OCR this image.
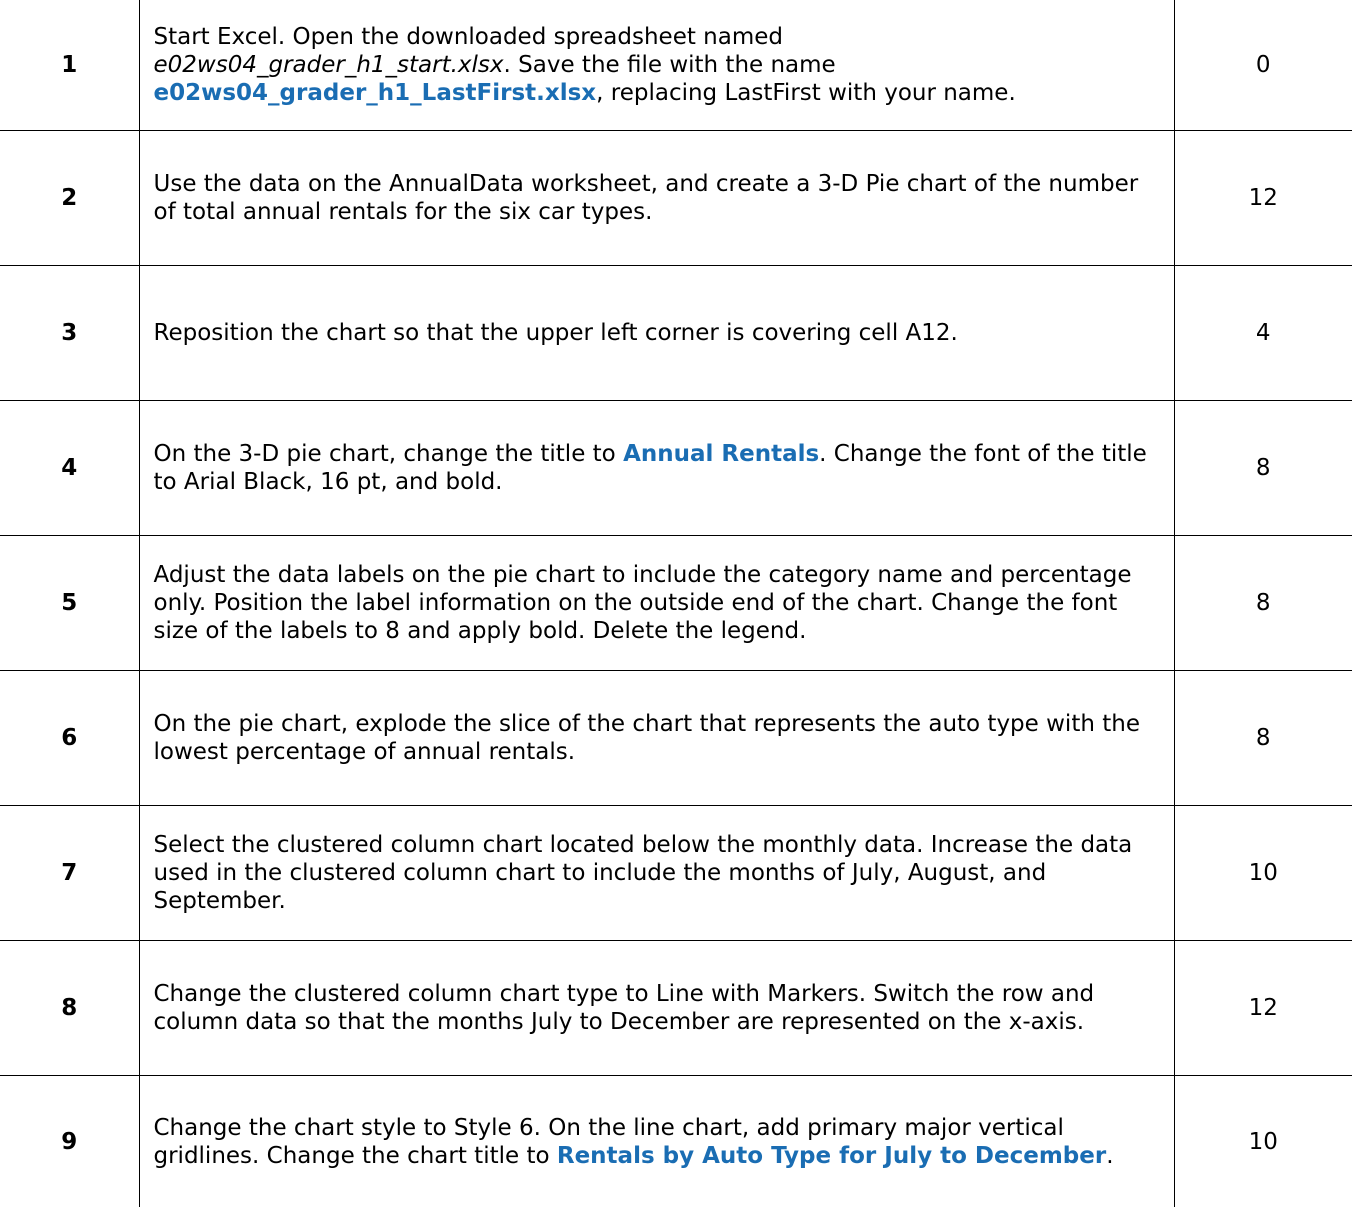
1	Start Excel. Open the downloaded spreadsheet named
e02ws04_grader_h1_start.xlsx. Save the file with the name
e02ws04_grader_h1_LastFirst.xlsx, replacing LastFirst with your name.	0
2	Use the data on the AnnualData worksheet, and create a 3-D Pie chart of the number of total annual rentals for the six car types.	12
3	Reposition the chart so that the upper left corner is covering cell A12.	4
4	On the 3-D pie chart, change the title to Annual Rentals. Change the font of the title to Arial Black, 16 pt, and bold.	8
5	Adjust the data labels on the pie chart to include the category name and percentage only. Position the label information on the outside end of the chart. Change the font size of the labels to 8 and apply bold. Delete the legend.	8
6	On the pie chart, explode the slice of the chart that represents the auto type with the lowest percentage of annual rentals.	8
7	Select the clustered column chart located below the monthly data. Increase the data used in the clustered column chart to include the months of July, August, and September.	10
8	Change the clustered column chart type to Line with Markers. Switch the row and column data so that the months July to December are represented on the x-axis.	12
9	Change the chart style to Style 6. On the line chart, add primary major vertical gridlines. Change the chart title to Rentals by Auto Type for July to December.	10
